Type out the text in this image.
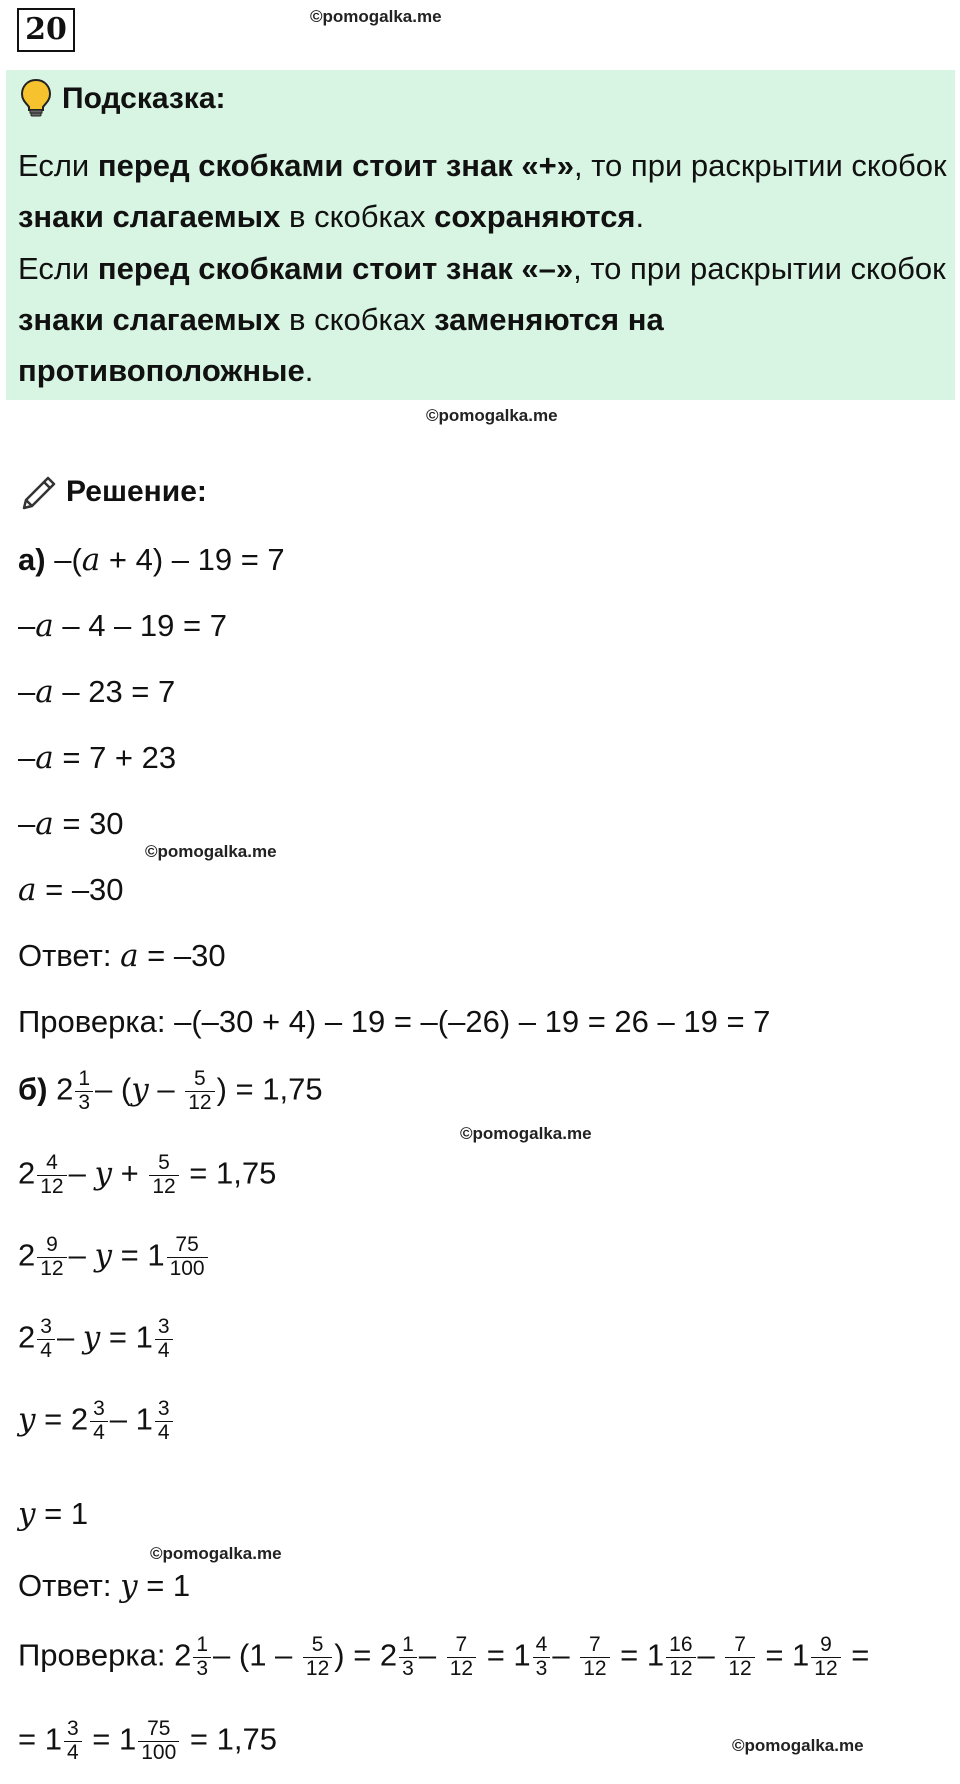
20	©pomogalka.me
Подсказка:
Если перед скобками стоит знак «+», то при раскрытии скобок знаки слагаемых в скобках сохраняются.
Если перед скобками стоит знак «–», то при раскрытии скобок знаки слагаемых в скобках заменяются на противоположные.
©pomogalka.me
Решение:
а) –(a + 4) – 19 = 7
–a – 4 – 19 = 7
–a – 23 = 7
–a = 7 + 23
–a = 30
©pomogalka.me
a = –30
Ответ: a = –30
Проверка: –(–30 + 4) – 19 = –(–26) – 19 = 26 – 19 = 7
б) $2 \frac{1}{3} - (y - \frac{5}{12}$ ) = 1,75
©pomogalka.me
$2 \frac{4}{12} - y + \frac{5}{12} = 1,75$
$2 \frac{9}{12} - y = 1 \frac{75}{100}$
$2 \frac{3}{4} - y = 1 \frac{3}{4}$
$y = 2 \frac{3}{4} - 1 \frac{3}{4}$
y = 1
©pomogalka.me
Ответ: y = 1
Проверка: $2 \frac{1}{3} - (1 - \frac{5}{12}$ ) = $2 \frac{1}{3} - \frac{7}{12} = 1 \frac{4}{3} - \frac{7}{12} = 1 \frac{16}{12} - \frac{7}{12} = 1 \frac{9}{12}$ =
= $1 \frac{3}{4} = 1 \frac{75}{100} = 1,75$	©pomogalka.me
